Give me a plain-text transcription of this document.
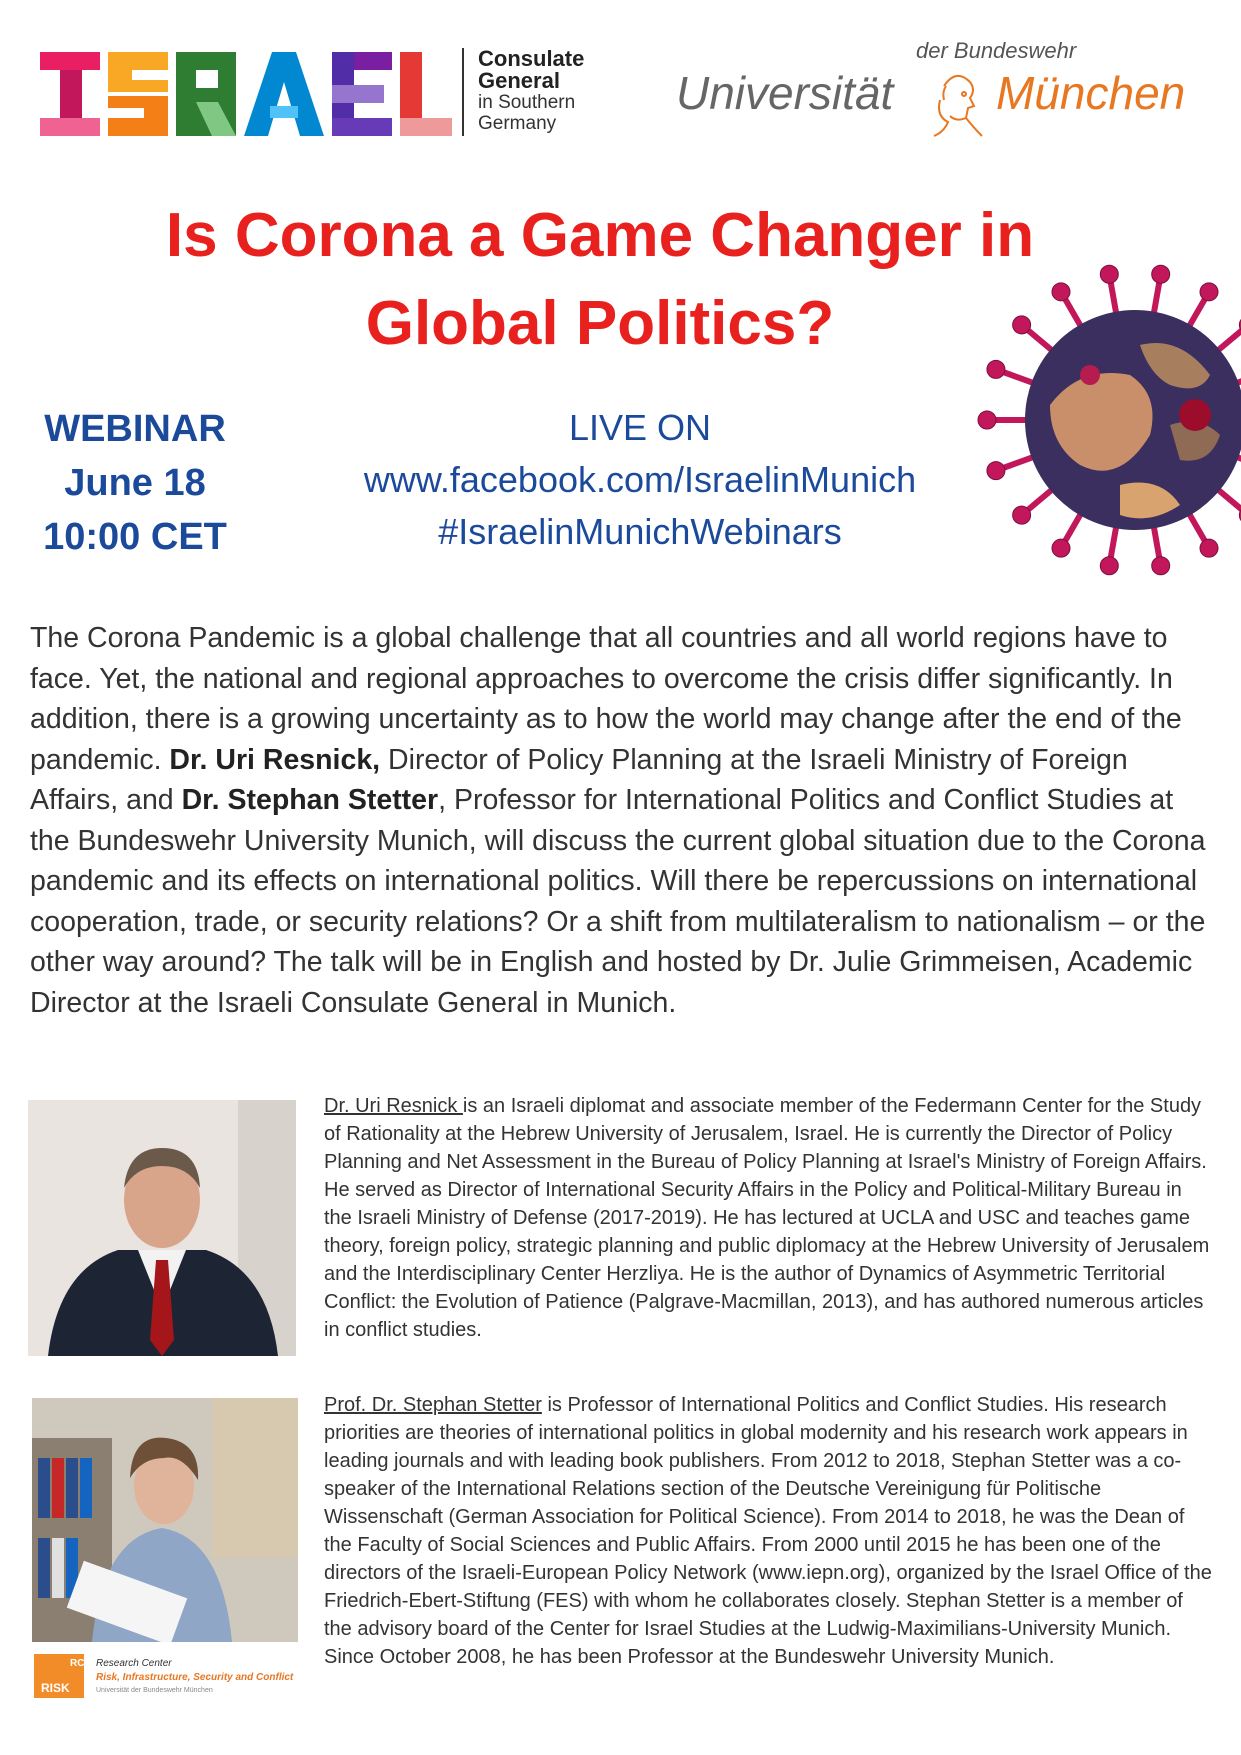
Consulate
General
in Southern
Germany
der Bundeswehr
Universität München
Is Corona a Game Changer in
Global Politics?
WEBINAR
June 18
10:00 CET
LIVE ON
www.facebook.com/IsraelinMunich
#IsraelinMunichWebinars
The Corona Pandemic is a global challenge that all countries and all world regions have to face. Yet, the national and regional approaches to overcome the crisis differ significantly. In addition, there is a growing uncertainty as to how the world may change after the end of the pandemic. Dr. Uri Resnick, Director of Policy Planning at the Israeli Ministry of Foreign Affairs, and Dr. Stephan Stetter, Professor for International Politics and Conflict Studies at the Bundeswehr University Munich, will discuss the current global situation due to the Corona pandemic and its effects on international politics. Will there be repercussions on international cooperation, trade, or security relations? Or a shift from multilateralism to nationalism – or the other way around? The talk will be in English and hosted by Dr. Julie Grimmeisen, Academic Director at the Israeli Consulate General in Munich.
Dr. Uri Resnick is an Israeli diplomat and associate member of the Federmann Center for the Study of Rationality at the Hebrew University of Jerusalem, Israel. He is currently the Director of Policy Planning and Net Assessment in the Bureau of Policy Planning at Israel's Ministry of Foreign Affairs. He served as Director of International Security Affairs in the Policy and Political-Military Bureau in the Israeli Ministry of Defense (2017-2019). He has lectured at UCLA and USC and teaches game theory, foreign policy, strategic planning and public diplomacy at the Hebrew University of Jerusalem and the Interdisciplinary Center Herzliya. He is the author of Dynamics of Asymmetric Territorial Conflict: the Evolution of Patience (Palgrave-Macmillan, 2013), and has authored numerous articles in conflict studies.
Prof. Dr. Stephan Stetter is Professor of International Politics and Conflict Studies. His research priorities are theories of international politics in global modernity and his research work appears in leading journals and with leading book publishers. From 2012 to 2018, Stephan Stetter was a co-speaker of the International Relations section of the Deutsche Vereinigung für Politische Wissenschaft (German Association for Political Science). From 2014 to 2018, he was the Dean of the Faculty of Social Sciences and Public Affairs. From 2000 until 2015 he has been one of the directors of the Israeli-European Policy Network (www.iepn.org), organized by the Israel Office of the Friedrich-Ebert-Stiftung (FES) with whom he collaborates closely. Stephan Stetter is a member of the advisory board of the Center for Israel Studies at the Ludwig-Maximilians-University Munich. Since October 2008, he has been Professor at the Bundeswehr University Munich.
RC
RISK
Research Center
Risk, Infrastructure, Security and Conflict
Universität der Bundeswehr München
